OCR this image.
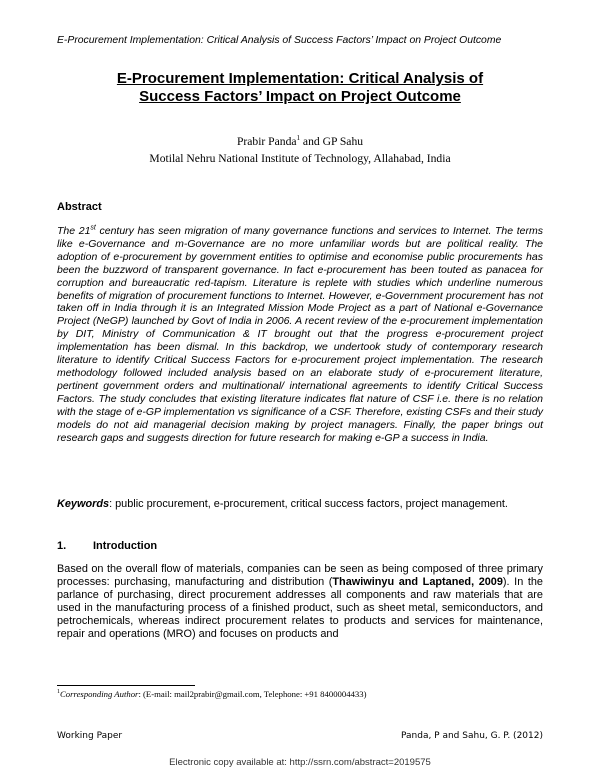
E-Procurement Implementation: Critical Analysis of Success Factors’ Impact on Project Outcome
E-Procurement Implementation: Critical Analysis of
Success Factors’ Impact on Project Outcome
Prabir Panda$^1$ and GP Sahu
Motilal Nehru National Institute of Technology, Allahabad, India
Abstract

The 21st century has seen migration of many governance functions and services to Internet. The terms like e-Governance and m-Governance are no more unfamiliar words but are political reality. The adoption of e-procurement by government entities to optimise and economise public procurements has been the buzzword of transparent governance. In fact e-procurement has been touted as panacea for corruption and bureaucratic red-tapism. Literature is replete with studies which underline numerous benefits of migration of procurement functions to Internet. However, e-Government procurement has not taken off in India through it is an Integrated Mission Mode Project as a part of National e-Governance Project (NeGP) launched by Govt of India in 2006. A recent review of the e-procurement implementation by DIT, Ministry of Communication & IT brought out that the progress e-procurement project implementation has been dismal. In this backdrop, we undertook study of contemporary research literature to identify Critical Success Factors for e-procurement project implementation. The research methodology followed included analysis based on an elaborate study of e-procurement literature, pertinent government orders and multinational/ international agreements to identify Critical Success Factors. The study concludes that existing literature indicates flat nature of CSF i.e. there is no relation with the stage of e-GP implementation vs significance of a CSF. Therefore, existing CSFs and their study models do not aid managerial decision making by project managers. Finally, the paper brings out research gaps and suggests direction for future research for making e-GP a success in India.

Keywords: public procurement, e-procurement, critical success factors, project management.
1. Introduction

Based on the overall flow of materials, companies can be seen as being composed of three primary processes: purchasing, manufacturing and distribution (Thawiwinyu and Laptaned, 2009). In the parlance of purchasing, direct procurement addresses all components and raw materials that are used in the manufacturing process of a finished product, such as sheet metal, semiconductors, and petrochemicals, whereas indirect procurement relates to products and services for maintenance, repair and operations (MRO) and focuses on products and

$^1$Corresponding Author: (E-mail: mail2prabir@gmail.com, Telephone: +91 8400004433)
Working Paper	Panda, P and Sahu, G. P. (2012)
Electronic copy available at: http://ssrn.com/abstract=2019575
